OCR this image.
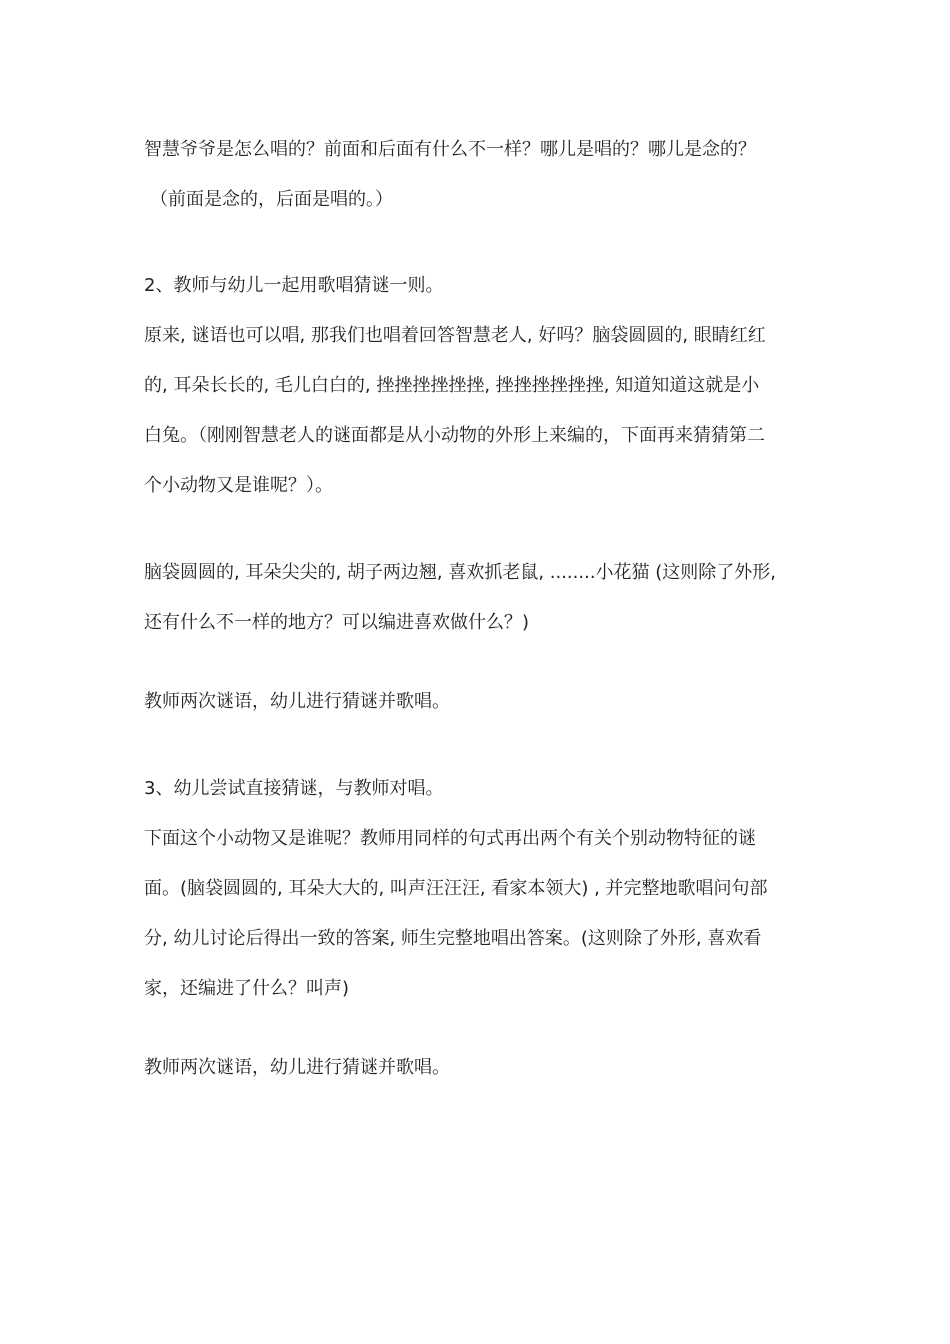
智慧爷爷是怎么唱的？前面和后面有什么不一样？哪儿是唱的？哪儿是念的？
（前面是念的，后面是唱的。）
2、教师与幼儿一起用歌唱猜谜一则。
原来, 谜语也可以唱, 那我们也唱着回答智慧老人, 好吗？脑袋圆圆的, 眼睛红红
的, 耳朵长长的, 毛儿白白的, 挫挫挫挫挫挫, 挫挫挫挫挫挫, 知道知道这就是小
白兔。（刚刚智慧老人的谜面都是从小动物的外形上来编的，下面再来猜猜第二
个小动物又是谁呢？）。
脑袋圆圆的, 耳朵尖尖的, 胡子两边翘, 喜欢抓老鼠, ........小花猫 (这则除了外形,
还有什么不一样的地方？可以编进喜欢做什么？)
教师两次谜语，幼儿进行猜谜并歌唱。
3、幼儿尝试直接猜谜，与教师对唱。
下面这个小动物又是谁呢？教师用同样的句式再出两个有关个别动物特征的谜
面。(脑袋圆圆的, 耳朵大大的, 叫声汪汪汪, 看家本领大) , 并完整地歌唱问句部
分, 幼儿讨论后得出一致的答案, 师生完整地唱出答案。(这则除了外形, 喜欢看
家，还编进了什么？叫声)
教师两次谜语，幼儿进行猜谜并歌唱。
